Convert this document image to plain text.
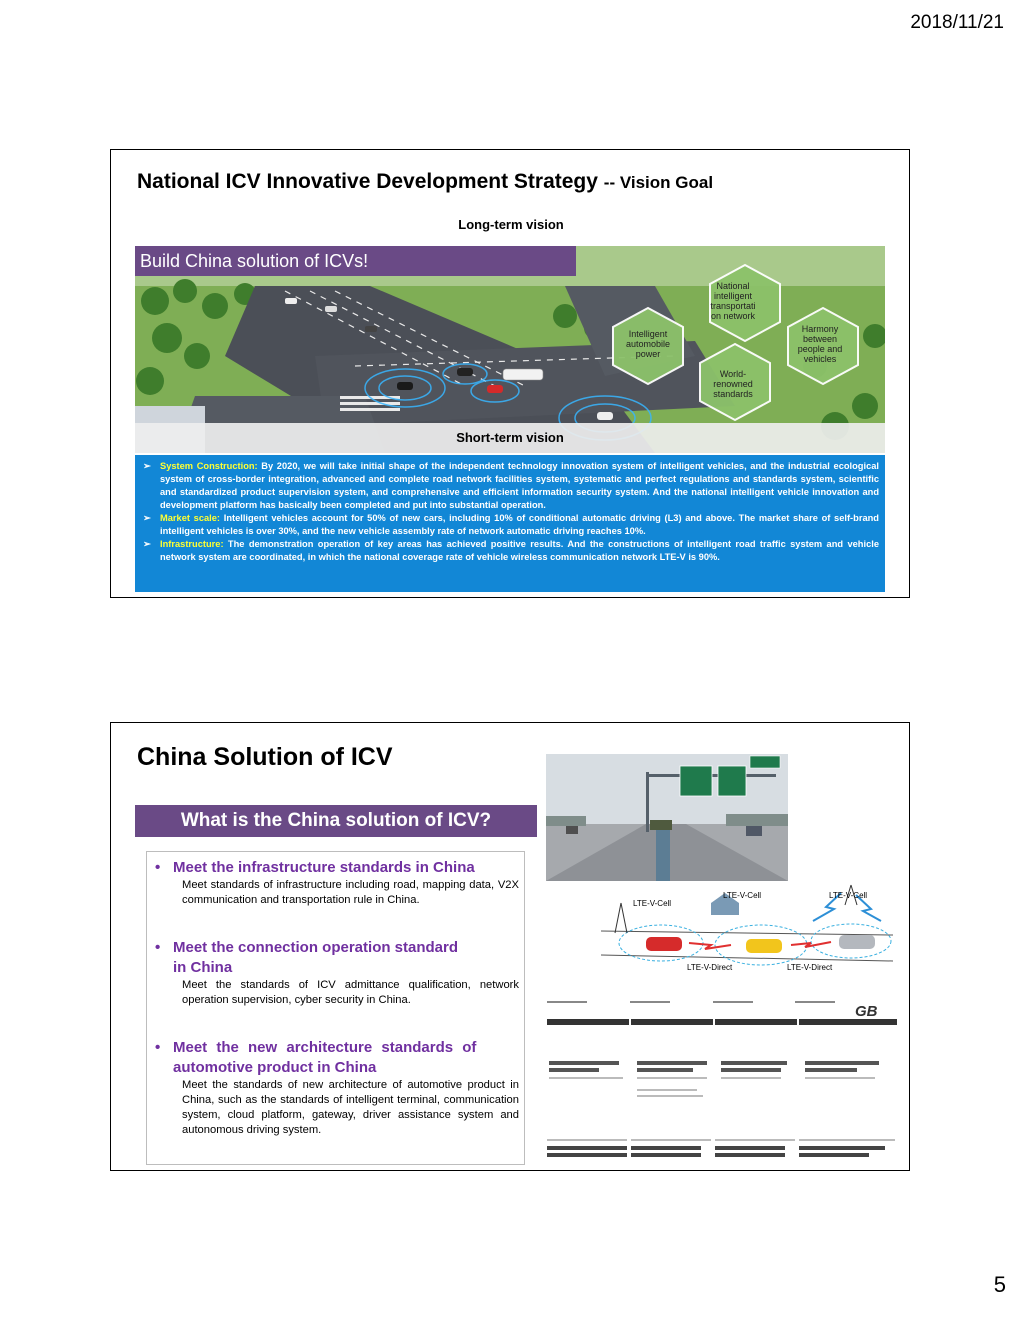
2018/11/21
National ICV Innovative Development Strategy -- Vision Goal
Long-term vision
National intelligent transportati on network
Intelligent automobile power
Harmony between people and vehicles
World-renowned standards
Build China solution of ICVs!
Short-term vision

➢ System Construction: By 2020, we will take initial shape of the independent technology innovation system of intelligent vehicles, and the industrial ecological system of cross-border integration, advanced and complete road network facilities system, systematic and perfect regulations and standards system, scientific and standardized product supervision system, and comprehensive and efficient information security system. And the national intelligent vehicle innovation and development platform has basically been completed and put into substantial operation.

➢ Market scale: Intelligent vehicles account for 50% of new cars, including 10% of conditional automatic driving (L3) and above. The market share of self-brand intelligent vehicles is over 30%, and the new vehicle assembly rate of network automatic driving reaches 10%.

➢ Infrastructure: The demonstration operation of key areas has achieved positive results. And the constructions of intelligent road traffic system and vehicle network system are coordinated, in which the national coverage rate of vehicle wireless communication network LTE-V is 90%.

China Solution of ICV
What is the China solution of ICV?
• Meet the infrastructure standards in China
Meet standards of infrastructure including road, mapping data, V2X communication and transportation rule in China.
• Meet the connection operation standard
in China
Meet the standards of ICV admittance qualification, network operation supervision, cyber security in China.
• Meet the new architecture standards of
automotive product in China
Meet the standards of new architecture of automotive product in China, such as the standards of intelligent terminal, communication system, cloud platform, gateway, driver assistance system and autonomous driving system.
LTE-V-Cell
LTE-V-Cell	LTE-V-Cell
LTE-V-Direct	LTE-V-Direct
GB
5
